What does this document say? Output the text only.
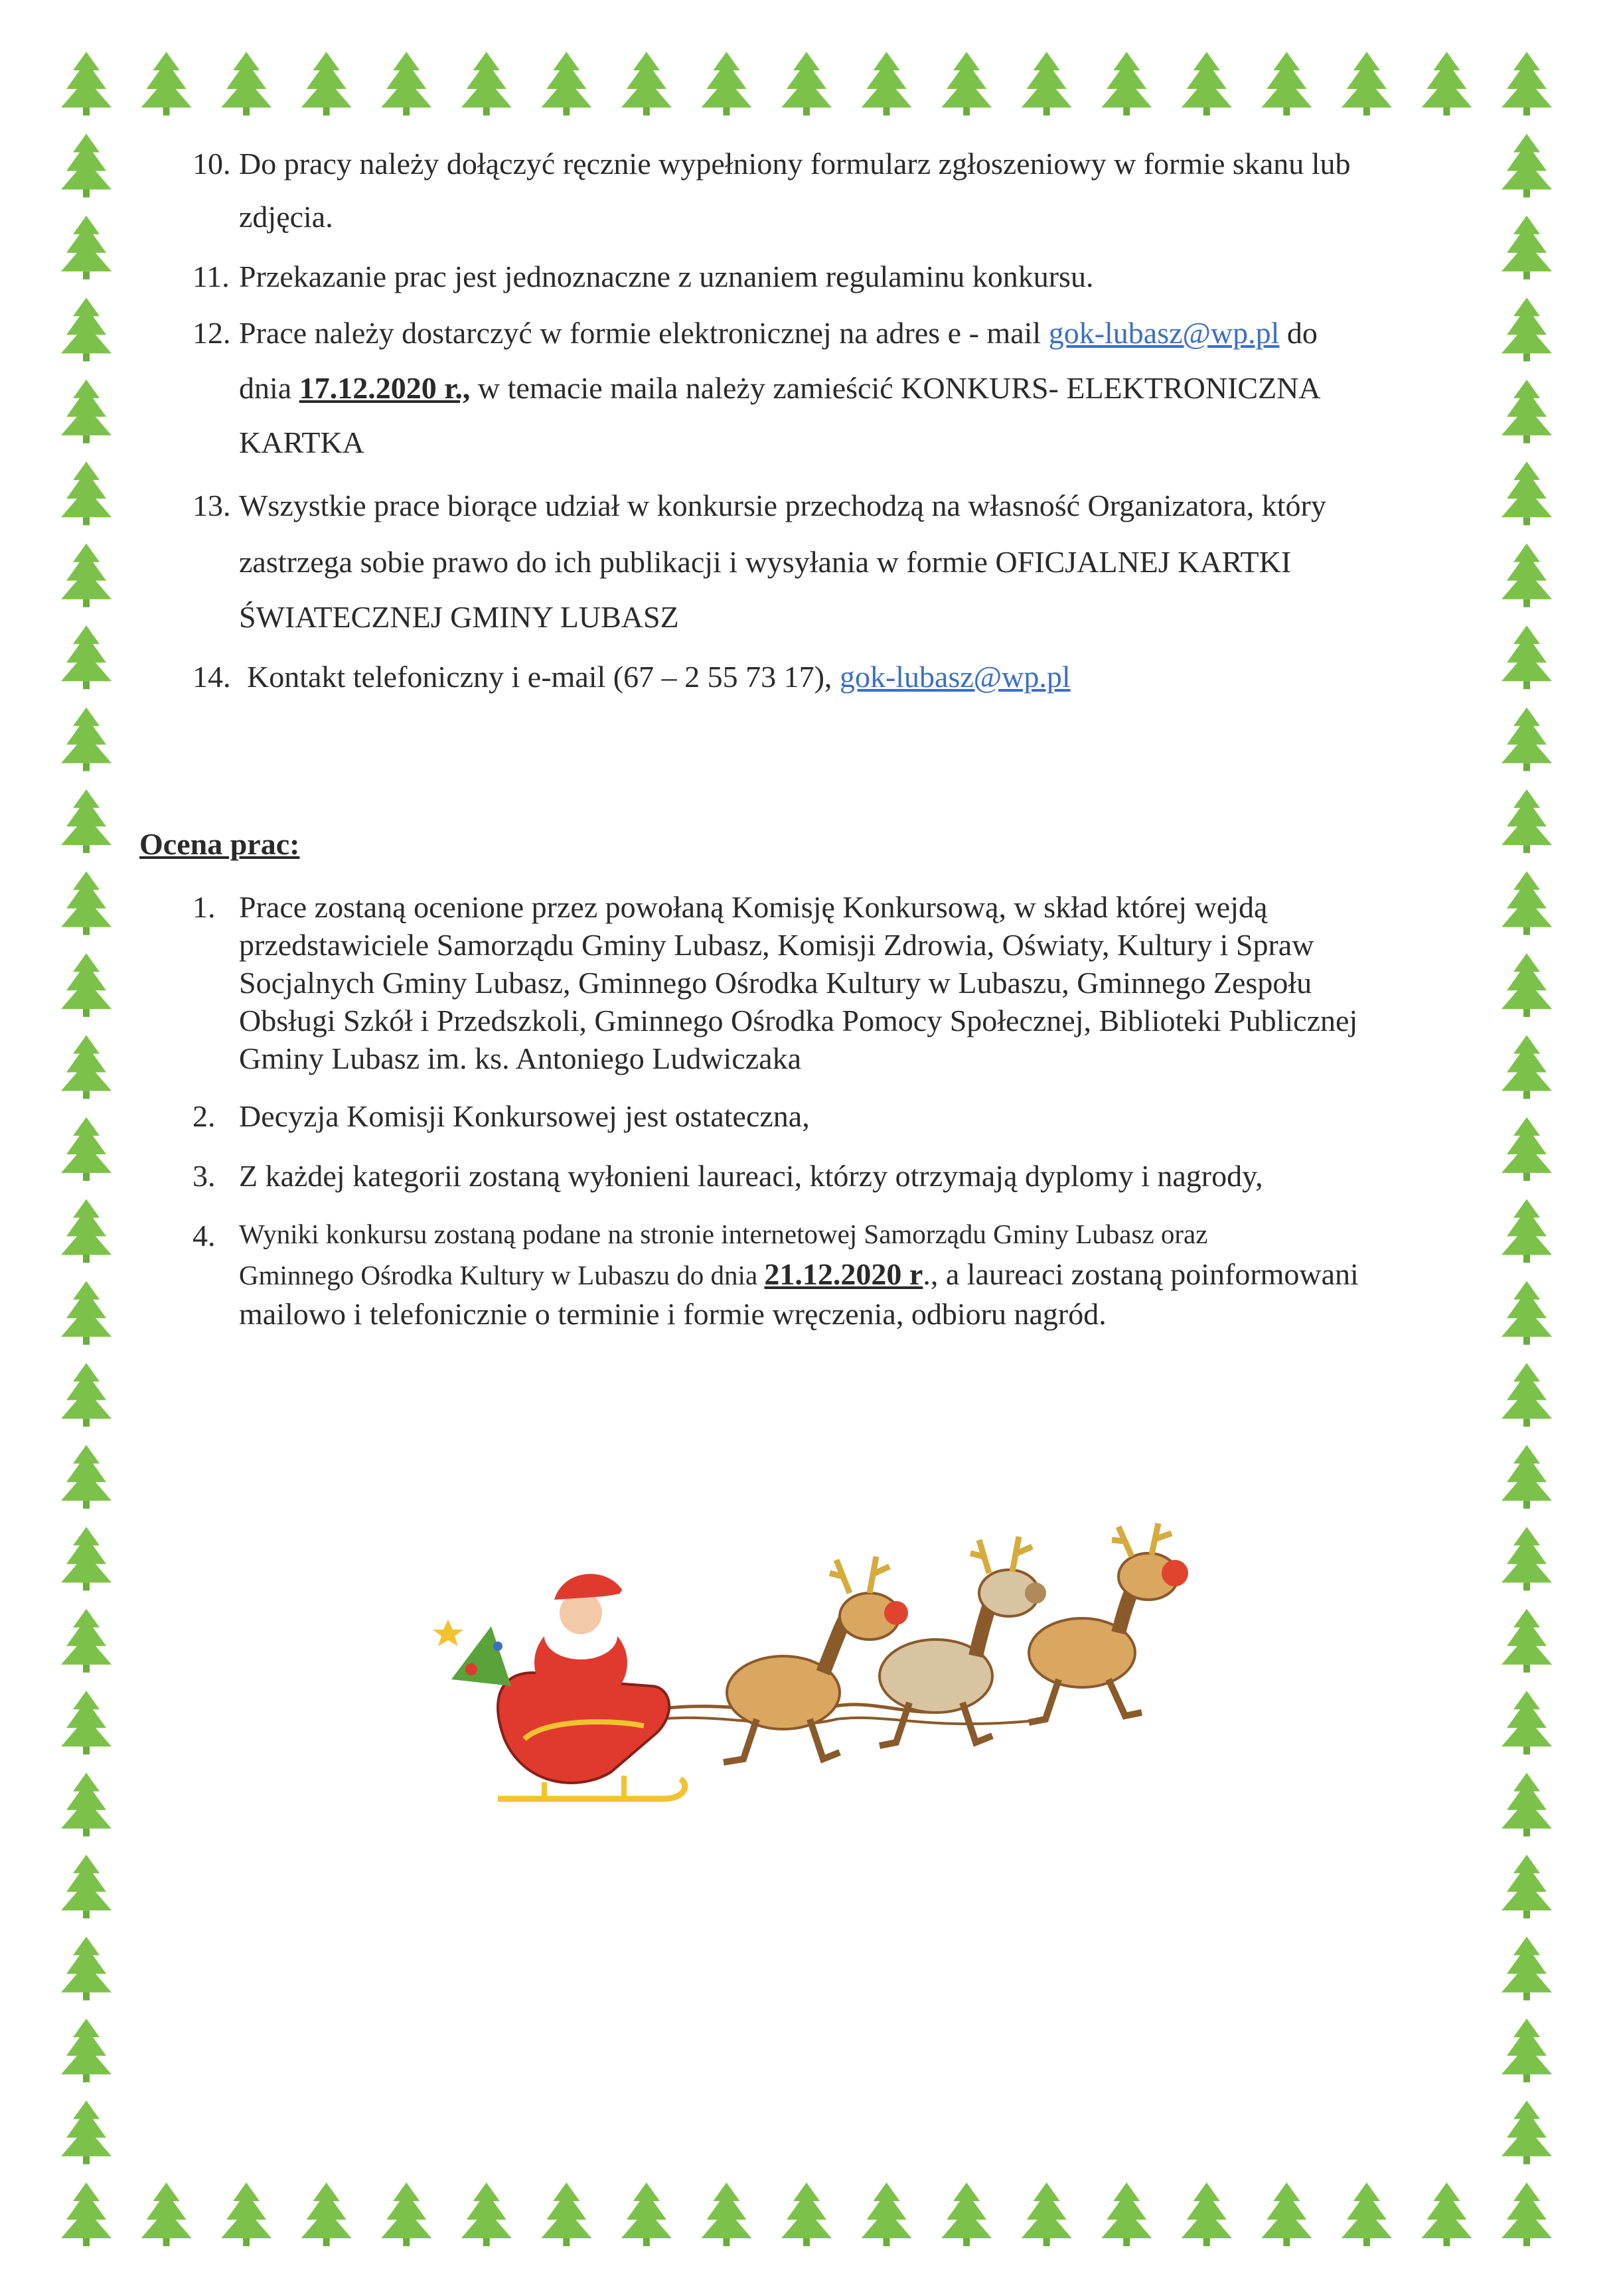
10. Do pracy należy dołączyć ręcznie wypełniony formularz zgłoszeniowy w formie skanu lub
zdjęcia.
11. Przekazanie prac jest jednoznaczne z uznaniem regulaminu konkursu.
12. Prace należy dostarczyć w formie elektronicznej na adres e - mail gok-lubasz@wp.pl do
dnia 17.12.2020 r., w temacie maila należy zamieścić KONKURS- ELEKTRONICZNA
KARTKA
13. Wszystkie prace biorące udział w konkursie przechodzą na własność Organizatora, który
zastrzega sobie prawo do ich publikacji i wysyłania w formie OFICJALNEJ KARTKI
ŚWIATECZNEJ GMINY LUBASZ
14. Kontakt telefoniczny i e-mail (67 – 2 55 73 17), gok-lubasz@wp.pl
Ocena prac:
1. Prace zostaną ocenione przez powołaną Komisję Konkursową, w skład której wejdą
przedstawiciele Samorządu Gminy Lubasz, Komisji Zdrowia, Oświaty, Kultury i Spraw
Socjalnych Gminy Lubasz, Gminnego Ośrodka Kultury w Lubaszu, Gminnego Zespołu
Obsługi Szkół i Przedszkoli, Gminnego Ośrodka Pomocy Społecznej, Biblioteki Publicznej
Gminy Lubasz im. ks. Antoniego Ludwiczaka
2. Decyzja Komisji Konkursowej jest ostateczna,
3. Z każdej kategorii zostaną wyłonieni laureaci, którzy otrzymają dyplomy i nagrody,
4. Wyniki konkursu zostaną podane na stronie internetowej Samorządu Gminy Lubasz oraz
Gminnego Ośrodka Kultury w Lubaszu do dnia 21.12.2020 r., a laureaci zostaną poinformowani
mailowo i telefonicznie o terminie i formie wręczenia, odbioru nagród.
